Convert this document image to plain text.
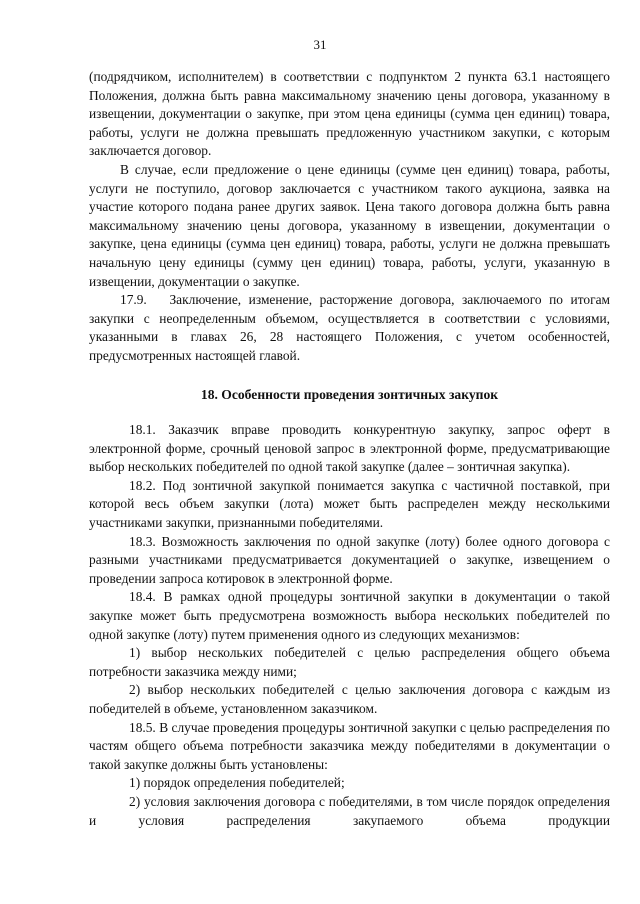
31

(подрядчиком, исполнителем) в соответствии с подпунктом 2 пункта 63.1 настоящего Положения, должна быть равна максимальному значению цены договора, указанному в извещении, документации о закупке, при этом цена единицы (сумма цен единиц) товара, работы, услуги не должна превышать предложенную участником закупки, с которым заключается договор.

В случае, если предложение о цене единицы (сумме цен единиц) товара, работы, услуги не поступило, договор заключается с участником такого аукциона, заявка на участие которого подана ранее других заявок. Цена такого договора должна быть равна максимальному значению цены договора, указанному в извещении, документации о закупке, цена единицы (сумма цен единиц) товара, работы, услуги не должна превышать начальную цену единицы (сумму цен единиц) товара, работы, услуги, указанную в извещении, документации о закупке.

17.9.   Заключение, изменение, расторжение договора, заключаемого по итогам закупки с неопределенным объемом, осуществляется в соответствии с условиями, указанными в главах 26, 28 настоящего Положения, с учетом особенностей, предусмотренных настоящей главой.

18. Особенности проведения зонтичных закупок

18.1. Заказчик вправе проводить конкурентную закупку, запрос оферт в электронной форме, срочный ценовой запрос в электронной форме, предусматривающие выбор нескольких победителей по одной такой закупке (далее – зонтичная закупка).

18.2. Под зонтичной закупкой понимается закупка с частичной поставкой, при которой весь объем закупки (лота) может быть распределен между несколькими участниками закупки, признанными победителями.

18.3. Возможность заключения по одной закупке (лоту) более одного договора с разными участниками предусматривается документацией о закупке, извещением о проведении запроса котировок в электронной форме.

18.4. В рамках одной процедуры зонтичной закупки в документации о такой закупке может быть предусмотрена возможность выбора нескольких победителей по одной закупке (лоту) путем применения одного из следующих механизмов:

1) выбор нескольких победителей с целью распределения общего объема потребности заказчика между ними;

2) выбор нескольких победителей с целью заключения договора с каждым из победителей в объеме, установленном заказчиком.

18.5. В случае проведения процедуры зонтичной закупки с целью распределения по частям общего объема потребности заказчика между победителями в документации о такой закупке должны быть установлены:

1) порядок определения победителей;

2) условия заключения договора с победителями, в том числе порядок определения и условия распределения закупаемого объема продукции
